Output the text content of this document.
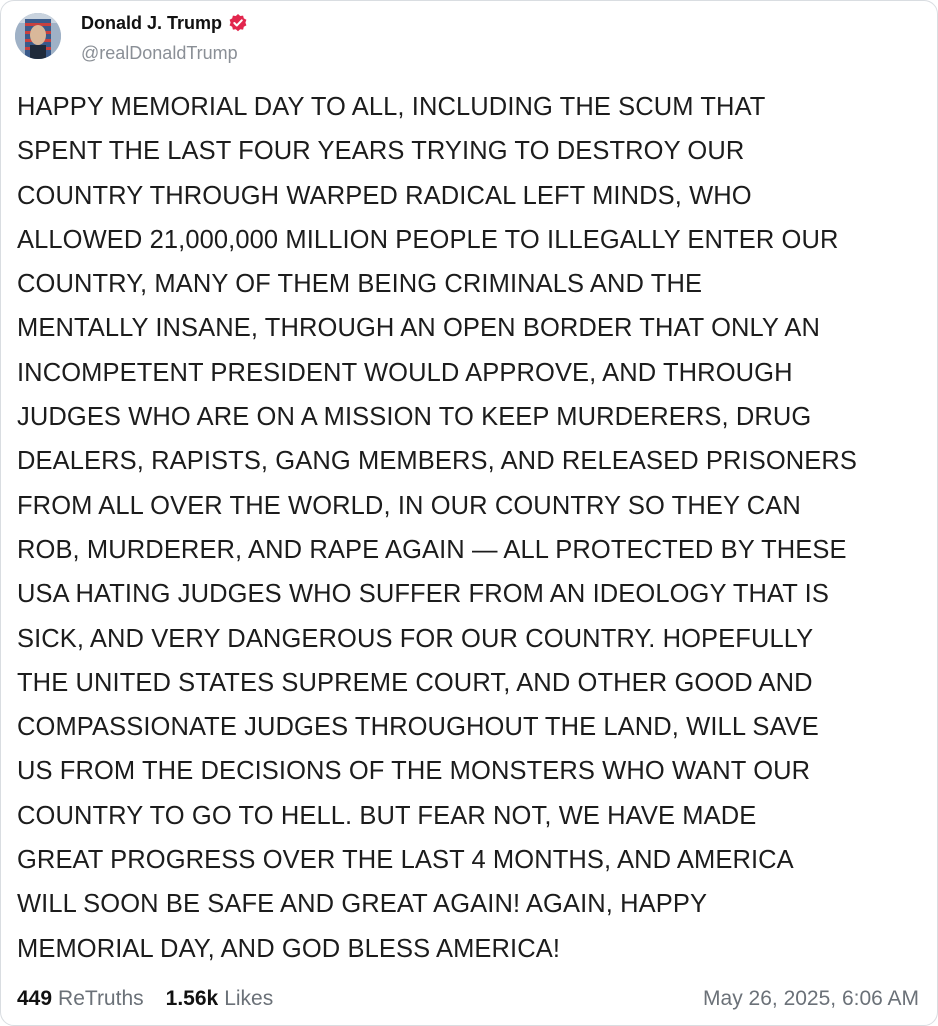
Donald J. Trump
@realDonaldTrump
HAPPY MEMORIAL DAY TO ALL, INCLUDING THE SCUM THAT
SPENT THE LAST FOUR YEARS TRYING TO DESTROY OUR
COUNTRY THROUGH WARPED RADICAL LEFT MINDS, WHO
ALLOWED 21,000,000 MILLION PEOPLE TO ILLEGALLY ENTER OUR
COUNTRY, MANY OF THEM BEING CRIMINALS AND THE
MENTALLY INSANE, THROUGH AN OPEN BORDER THAT ONLY AN
INCOMPETENT PRESIDENT WOULD APPROVE, AND THROUGH
JUDGES WHO ARE ON A MISSION TO KEEP MURDERERS, DRUG
DEALERS, RAPISTS, GANG MEMBERS, AND RELEASED PRISONERS
FROM ALL OVER THE WORLD, IN OUR COUNTRY SO THEY CAN
ROB, MURDERER, AND RAPE AGAIN — ALL PROTECTED BY THESE
USA HATING JUDGES WHO SUFFER FROM AN IDEOLOGY THAT IS
SICK, AND VERY DANGEROUS FOR OUR COUNTRY. HOPEFULLY
THE UNITED STATES SUPREME COURT, AND OTHER GOOD AND
COMPASSIONATE JUDGES THROUGHOUT THE LAND, WILL SAVE
US FROM THE DECISIONS OF THE MONSTERS WHO WANT OUR
COUNTRY TO GO TO HELL. BUT FEAR NOT, WE HAVE MADE
GREAT PROGRESS OVER THE LAST 4 MONTHS, AND AMERICA
WILL SOON BE SAFE AND GREAT AGAIN! AGAIN, HAPPY
MEMORIAL DAY, AND GOD BLESS AMERICA!
449 ReTruths 1.56k Likes	May 26, 2025, 6:06 AM
